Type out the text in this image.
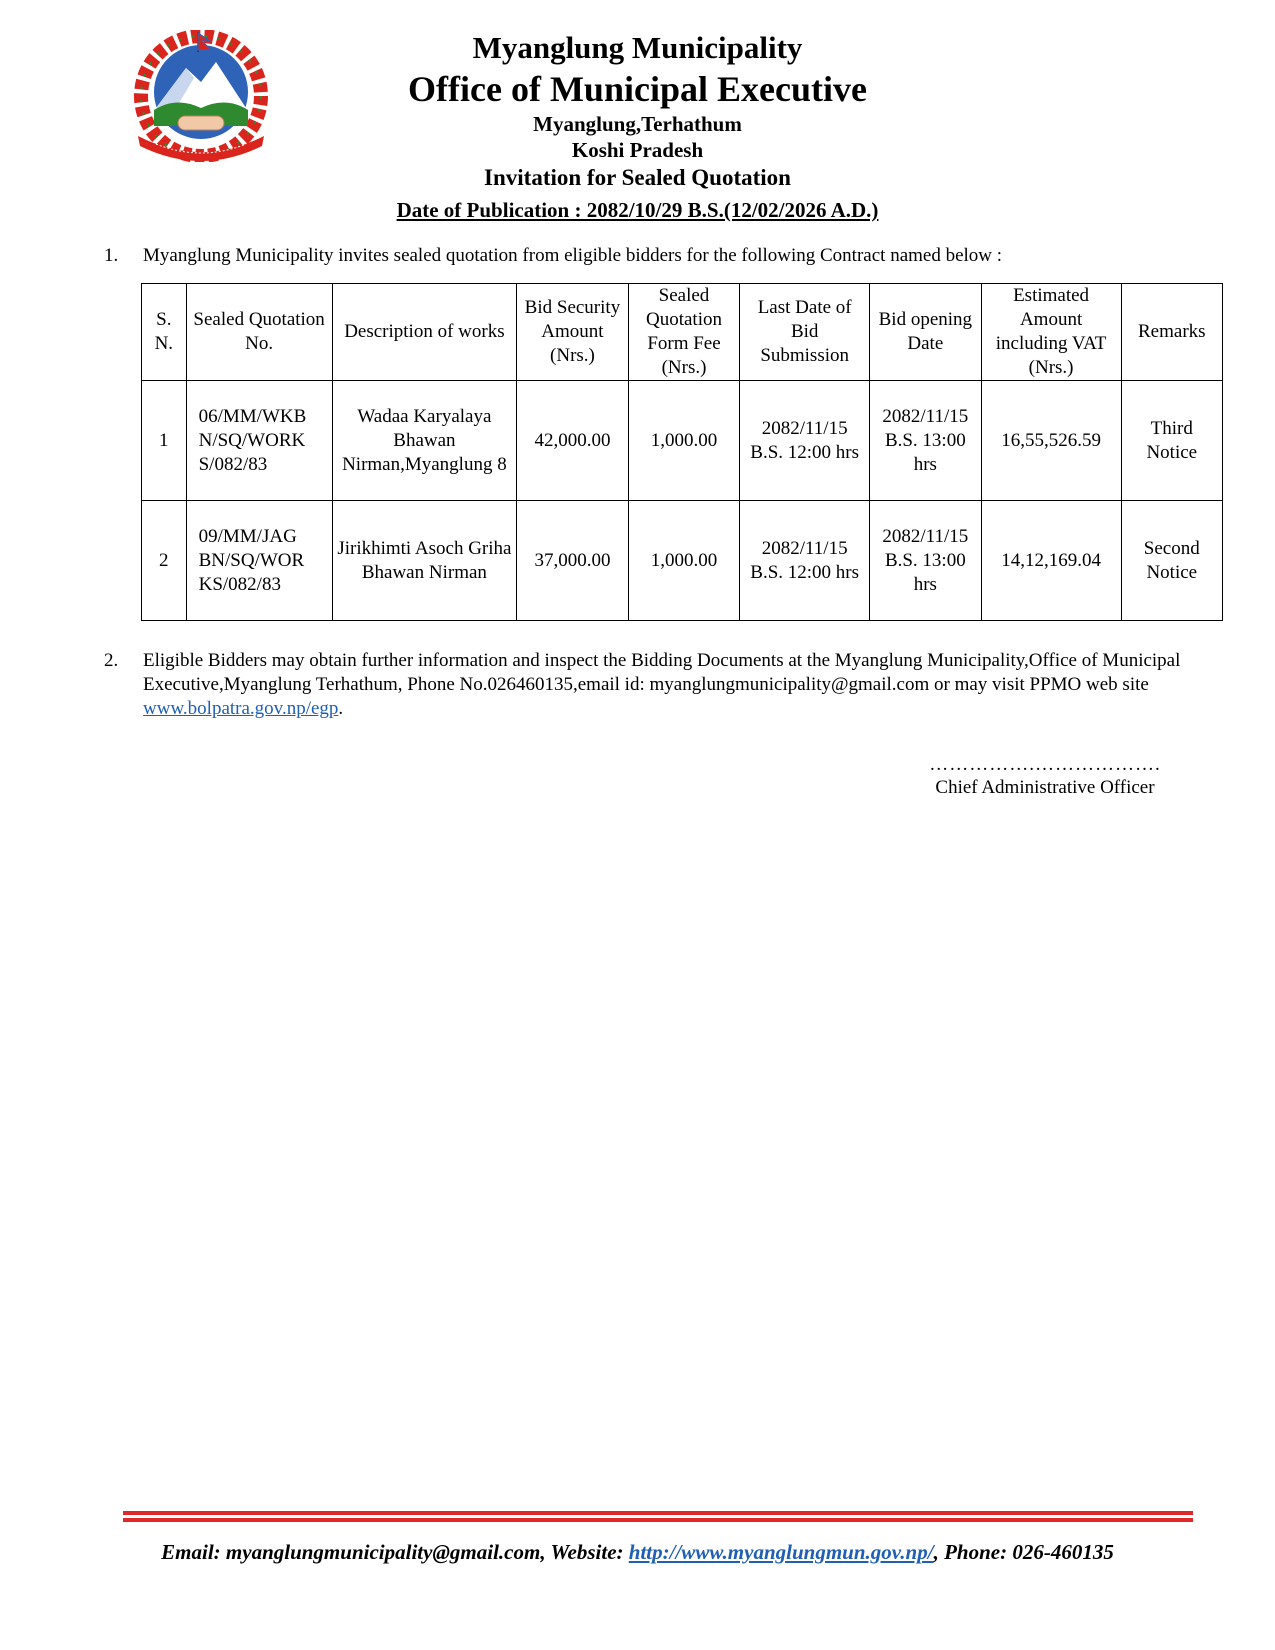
Myanglung Municipality
Office of Municipal Executive
Myanglung,Terhathum
Koshi Pradesh
Invitation for Sealed Quotation
Date of Publication : 2082/10/29 B.S.(12/02/2026 A.D.)
1. Myanglung Municipality invites sealed quotation from eligible bidders for the following Contract named below :
S. N.	Sealed Quotation No.	Description of works	Bid Security Amount (Nrs.)	Sealed Quotation Form Fee (Nrs.)	Last Date of Bid Submission	Bid opening Date	Estimated Amount including VAT (Nrs.)	Remarks
1	06/MM/WKB
N/SQ/WORK
S/082/83	Wadaa Karyalaya Bhawan Nirman,Myanglung 8	42,000.00	1,000.00	2082/11/15 B.S. 12:00 hrs	2082/11/15 B.S. 13:00 hrs	16,55,526.59	Third Notice
2	09/MM/JAG
BN/SQ/WOR
KS/082/83	Jirikhimti Asoch Griha Bhawan Nirman	37,000.00	1,000.00	2082/11/15 B.S. 12:00 hrs	2082/11/15 B.S. 13:00 hrs	14,12,169.04	Second Notice
2. Eligible Bidders may obtain further information and inspect the Bidding Documents at the Myanglung Municipality,Office of Municipal Executive,Myanglung Terhathum, Phone No.026460135,email id: myanglungmunicipality@gmail.com or may visit PPMO web site www.bolpatra.gov.np/egp.
…………….……………….
Chief Administrative Officer
Email: myanglungmunicipality@gmail.com, Website: http://www.myanglungmun.gov.np/, Phone: 026-460135
